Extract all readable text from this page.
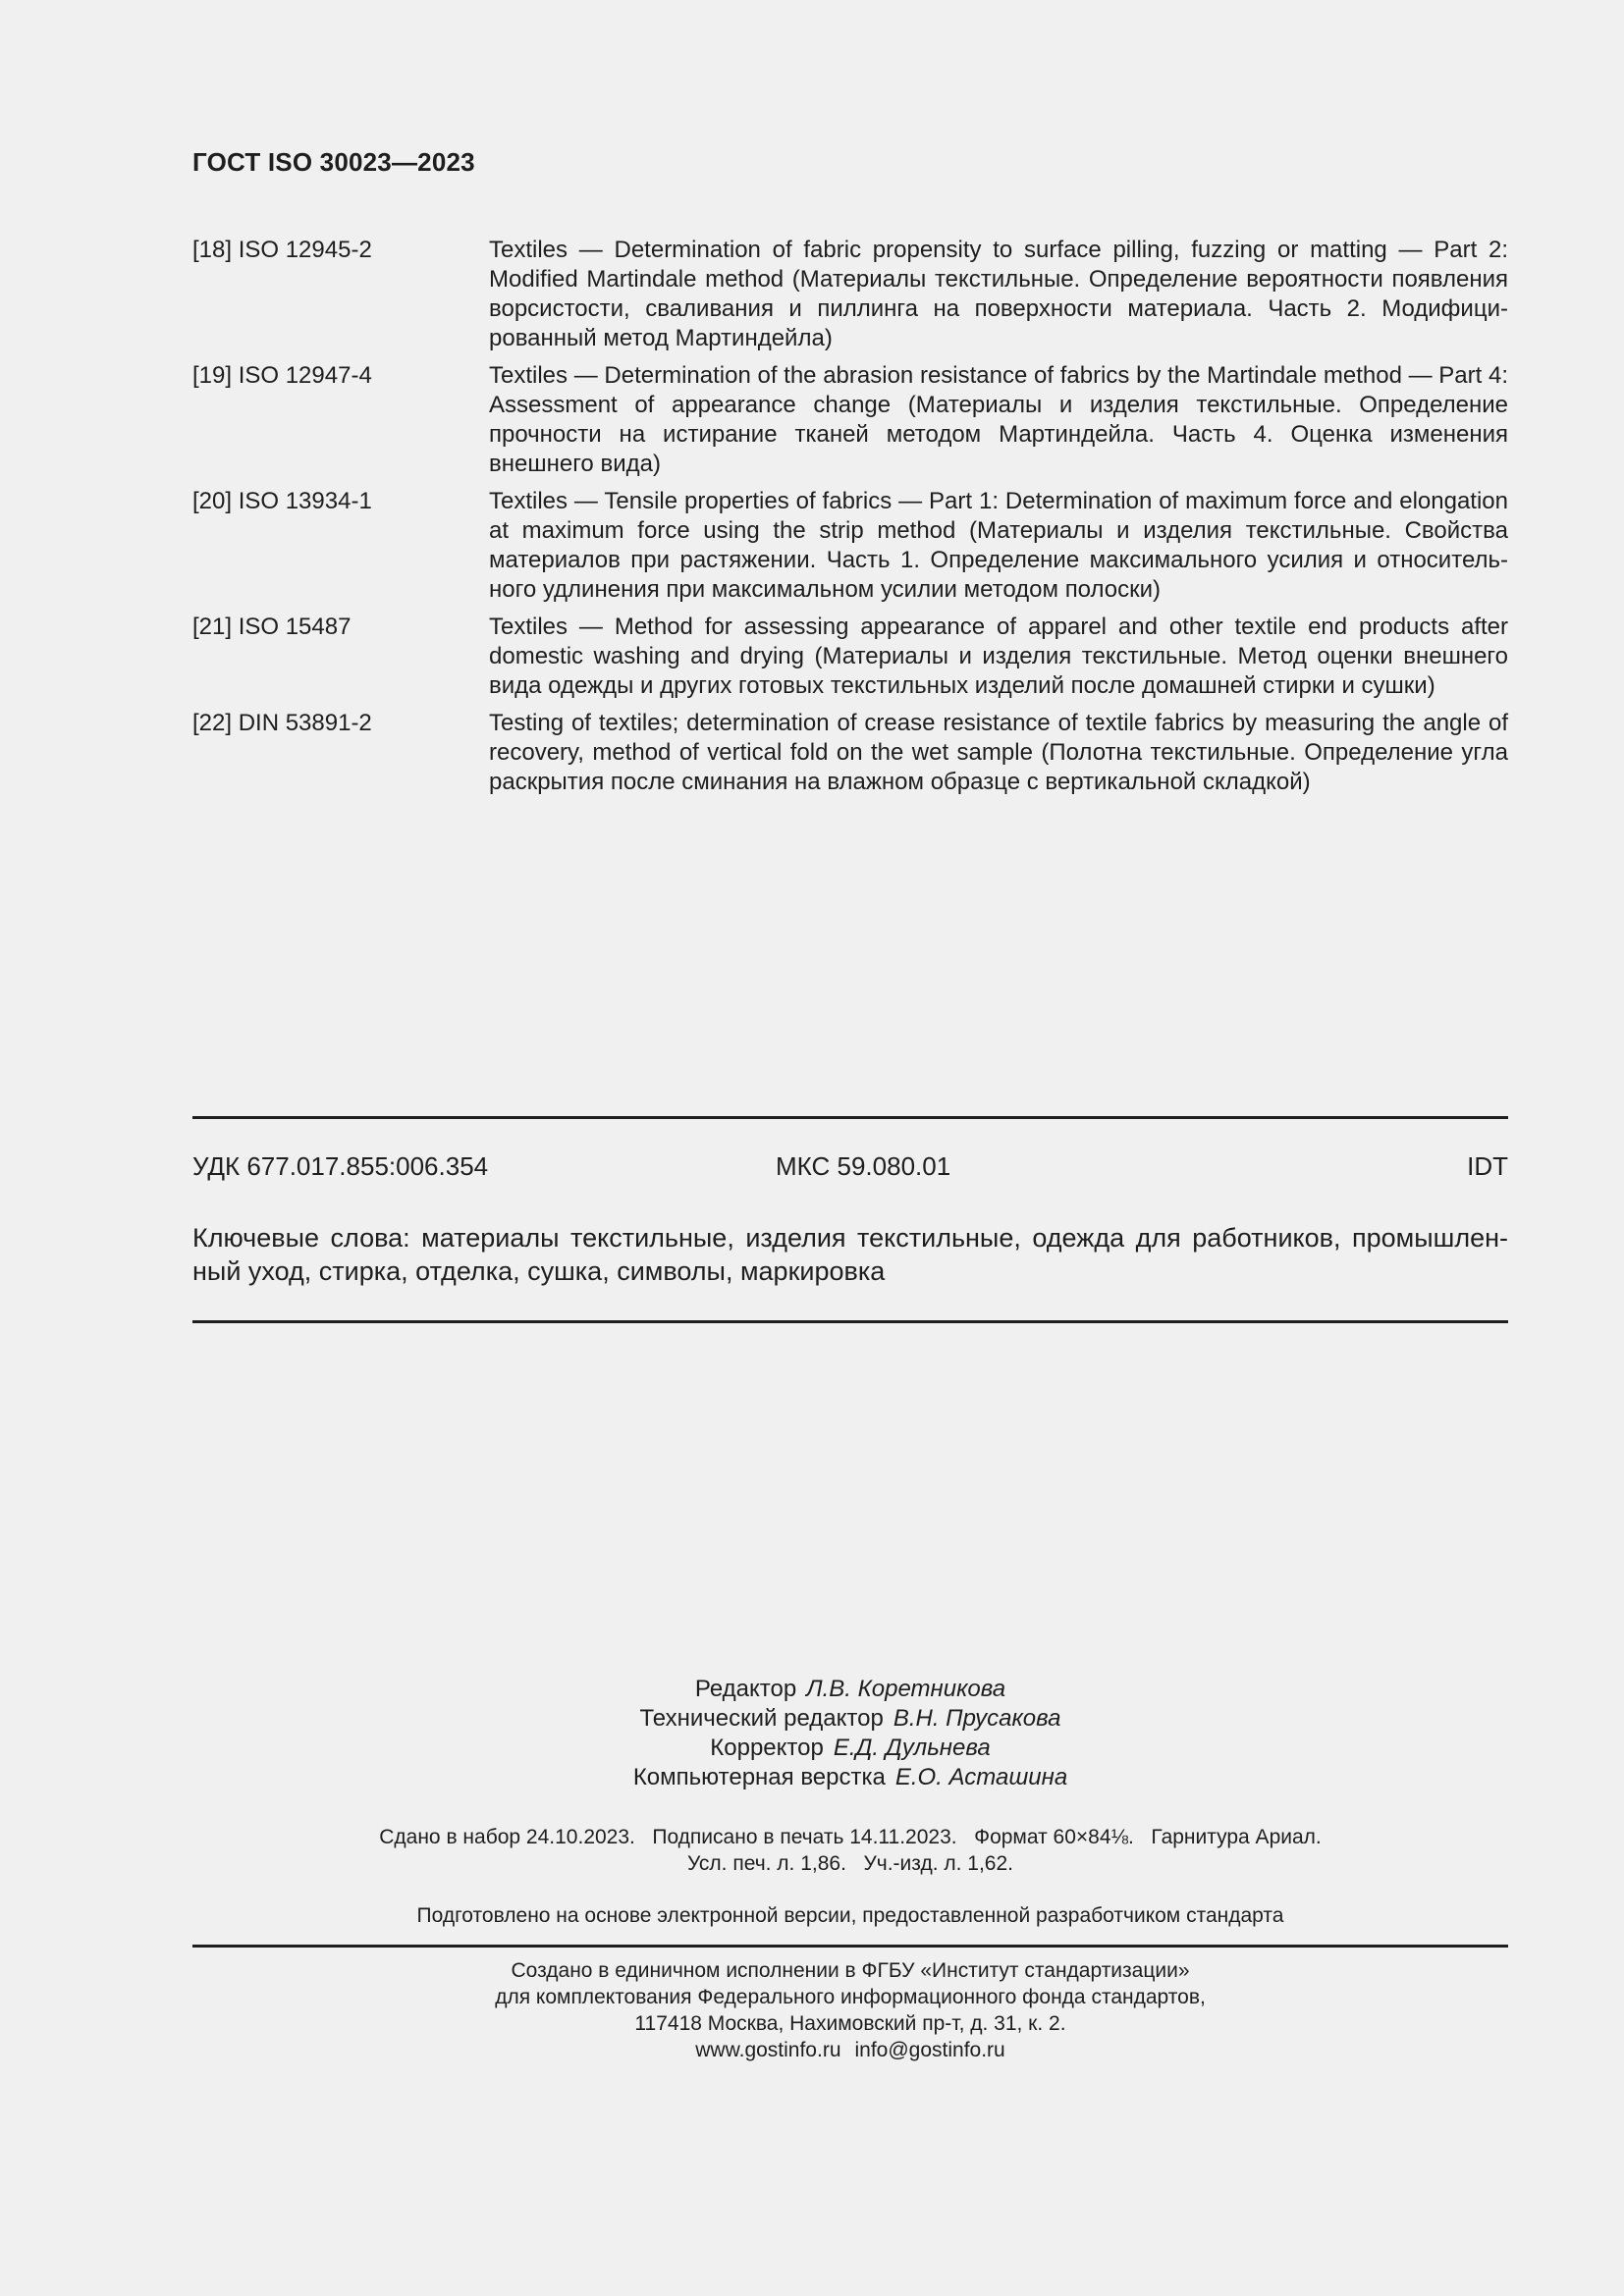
ГОСТ ISO 30023—2023
[18] ISO 12945-2	Textiles — Determination of fabric propensity to surface pilling, fuzzing or matting — Part 2: Modified Martindale method (Материалы текстильные. Определение вероятности появления ворсистости, сваливания и пиллинга на поверхности материала. Часть 2. Модифицированный метод Мартиндейла)
[19] ISO 12947-4	Textiles — Determination of the abrasion resistance of fabrics by the Martindale method — Part 4: Assessment of appearance change (Материалы и изделия текстильные. Определение прочности на истирание тканей методом Мартиндейла. Часть 4. Оценка изменения внешнего вида)
[20] ISO 13934-1	Textiles — Tensile properties of fabrics — Part 1: Determination of maximum force and elongation at maximum force using the strip method (Материалы и изделия текстильные. Свойства материалов при растяжении. Часть 1. Определение максимального усилия и относительного удлинения при максимальном усилии методом полоски)
[21] ISO 15487	Textiles — Method for assessing appearance of apparel and other textile end products after domestic washing and drying (Материалы и изделия текстильные. Метод оценки внешнего вида одежды и других готовых текстильных изделий после домашней стирки и сушки)
[22] DIN 53891-2	Testing of textiles; determination of crease resistance of textile fabrics by measuring the angle of recovery, method of vertical fold on the wet sample (Полотна текстильные. Определение угла раскрытия после сминания на влажном образце с вертикальной складкой)
УДК 677.017.855:006.354	МКС 59.080.01	IDT
Ключевые слова: материалы текстильные, изделия текстильные, одежда для работников, промышленный уход, стирка, отделка, сушка, символы, маркировка
Редактор Л.В. Коретникова
Технический редактор В.Н. Прусакова
Корректор Е.Д. Дульнева
Компьютерная верстка Е.О. Асташина
Сдано в набор 24.10.2023.   Подписано в печать 14.11.2023.   Формат 60×84⅛.   Гарнитура Ариал.
Усл. печ. л. 1,86.   Уч.-изд. л. 1,62.
Подготовлено на основе электронной версии, предоставленной разработчиком стандарта
Создано в единичном исполнении в ФГБУ «Институт стандартизации»
для комплектования Федерального информационного фонда стандартов,
117418 Москва, Нахимовский пр-т, д. 31, к. 2.
www.gostinfo.ru info@gostinfo.ru
